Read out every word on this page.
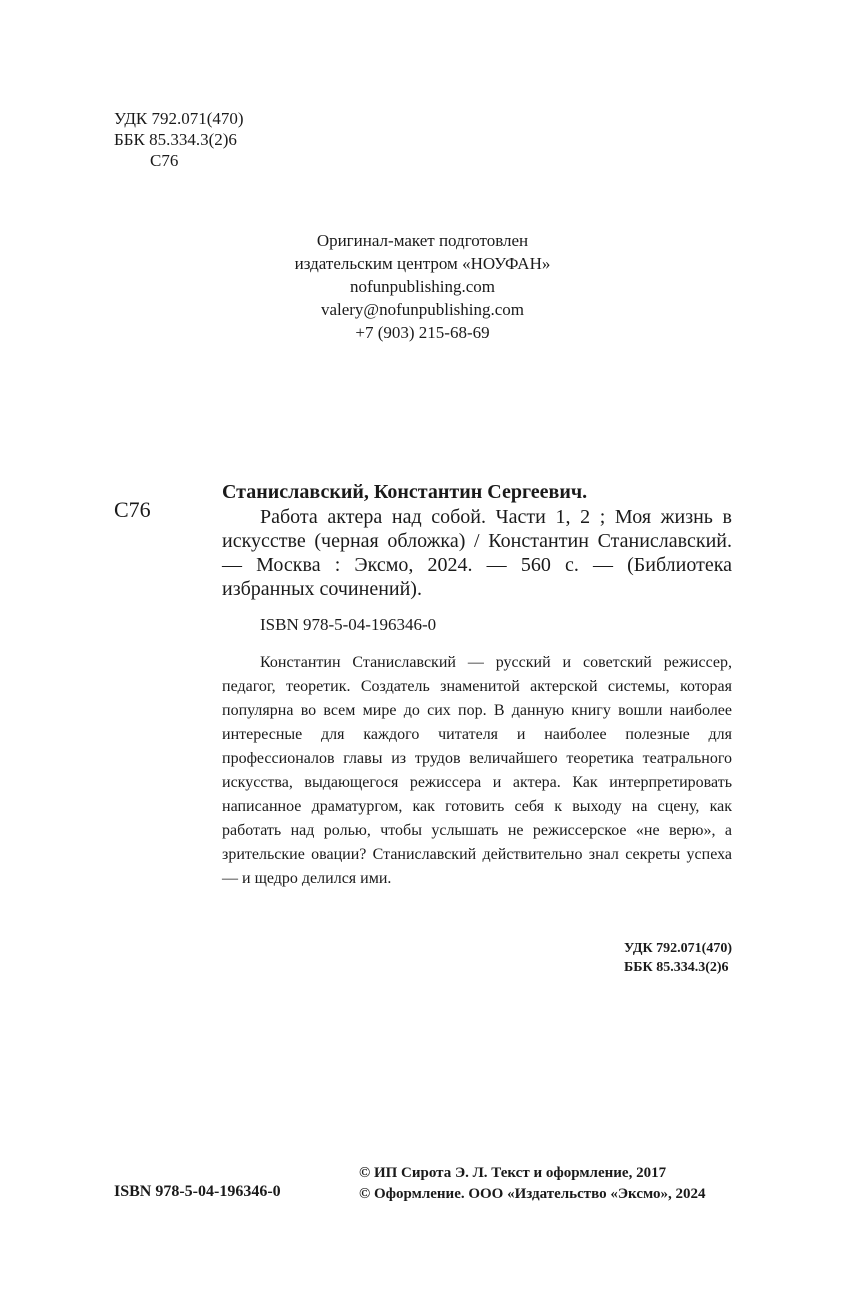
УДК 792.071(470)
ББК 85.334.3(2)6
С76
Оригинал-макет подготовлен
издательским центром «НОУФАН»
nofunpublishing.com
valery@nofunpublishing.com
+7 (903) 215-68-69
С76
Станиславский, Константин Сергеевич.
Работа актера над собой. Части 1, 2 ; Моя жизнь в искусстве (черная обложка) / Константин Станиславский. — Москва : Эксмо, 2024. — 560 с. — (Библиотека избранных сочинений).
ISBN 978-5-04-196346-0
Константин Станиславский — русский и советский режиссер, педагог, теоретик. Создатель знаменитой актерской системы, которая популярна во всем мире до сих пор. В данную книгу вошли наиболее интересные для каждого читателя и наиболее полезные для профессионалов главы из трудов величайшего теоретика театрального искусства, выдающегося режиссера и актера. Как интерпретировать написанное драматургом, как готовить себя к выходу на сцену, как работать над ролью, чтобы услышать не режиссерское «не верю», а зрительские овации? Станиславский действительно знал секреты успеха — и щедро делился ими.
УДК 792.071(470)
ББК 85.334.3(2)6
ISBN 978-5-04-196346-0
© ИП Сирота Э. Л. Текст и оформление, 2017
© Оформление. ООО «Издательство «Эксмо», 2024
